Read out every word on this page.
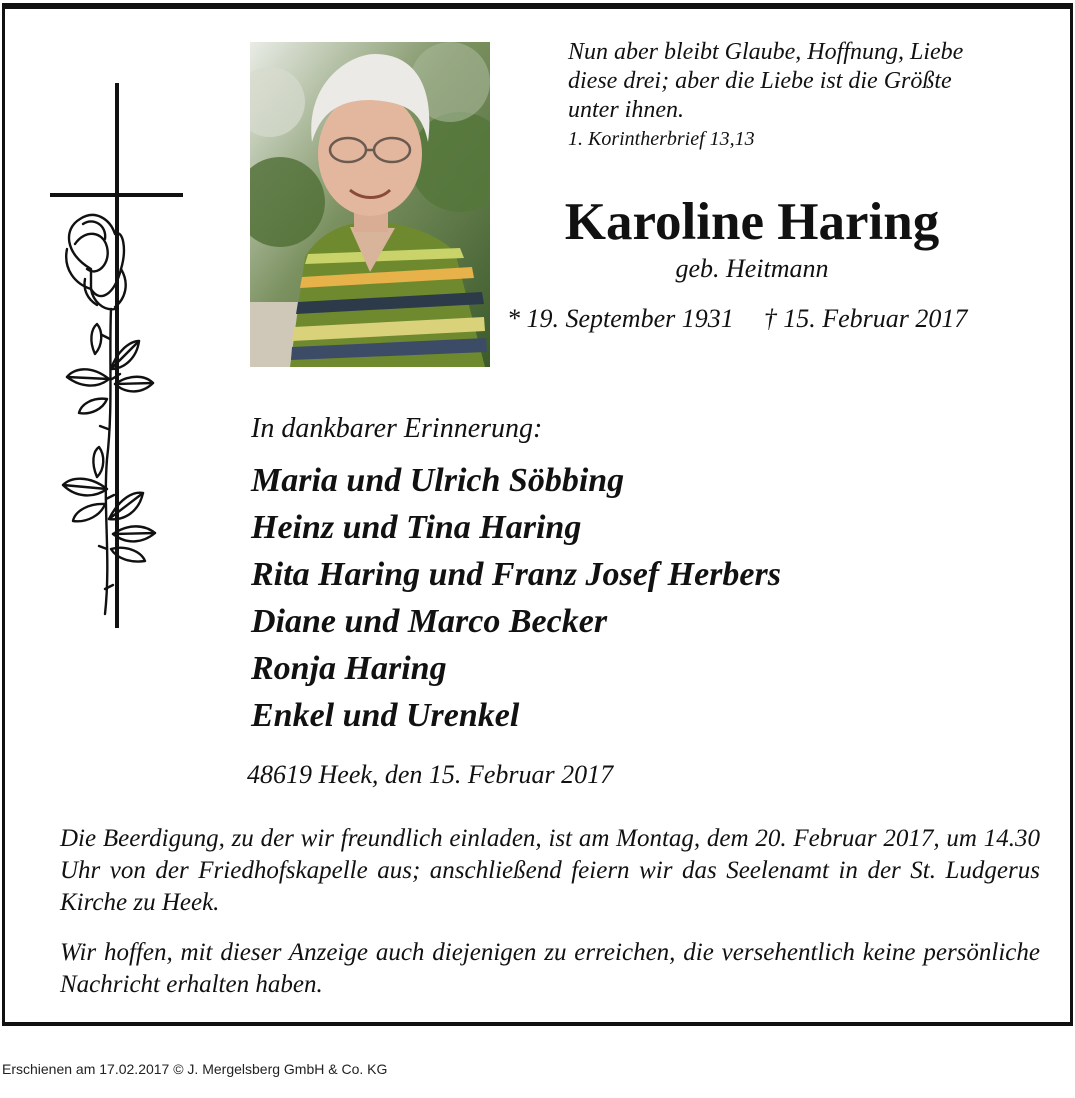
Nun aber bleibt Glaube, Hoffnung, Liebe
diese drei; aber die Liebe ist die Größte
unter ihnen.
1. Korintherbrief 13,13
Karoline Haring
geb. Heitmann
* 19. September 1931 † 15. Februar 2017
In dankbarer Erinnerung:
Maria und Ulrich Söbbing
Heinz und Tina Haring
Rita Haring und Franz Josef Herbers
Diane und Marco Becker
Ronja Haring
Enkel und Urenkel
48619 Heek, den 15. Februar 2017
Die Beerdigung, zu der wir freundlich einladen, ist am Montag, dem 20. Februar 2017, um 14.30 Uhr von der Friedhofskapelle aus; anschließend feiern wir das Seelenamt in der St. Ludgerus Kirche zu Heek.
Wir hoffen, mit dieser Anzeige auch diejenigen zu erreichen, die versehentlich keine persönliche Nachricht erhalten haben.
Erschienen am 17.02.2017 © J. Mergelsberg GmbH & Co. KG
